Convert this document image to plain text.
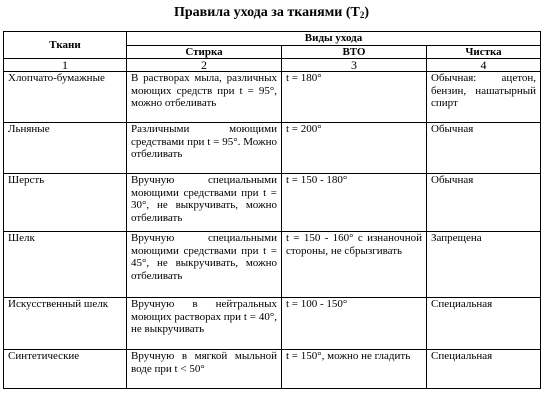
Правила ухода за тканями $(Т_2)$
Ткани	Виды ухода		
	Стирка	ВТО	Чистка
1	2	3	4
Хлопчато-бумажные	В растворах мыла, различных моющих средств при t = 95°, можно отбеливать	t = 180°	Обычная: ацетон, бензин, нашатырный спирт
Льняные	Различными моющими средствами при t = 95°. Можно отбеливать	t = 200°	Обычная
Шерсть	Вручную специальными моющими средствами при t = 30°, не выкручивать, можно отбеливать	t = 150 - 180°	Обычная
Шелк	Вручную специальными моющими средствами при t = 45°, не выкручивать, можно отбеливать	t = 150 - 160° с изнаночной стороны, не сбрызгивать	Запрещена
Искусственный шелк	Вручную в нейтральных моющих растворах при t = 40°, не выкручивать	t = 100 - 150°	Специальная
Синтетические	Вручную в мягкой мыльной воде при t < 50°	t = 150°, можно не гладить	Специальная
